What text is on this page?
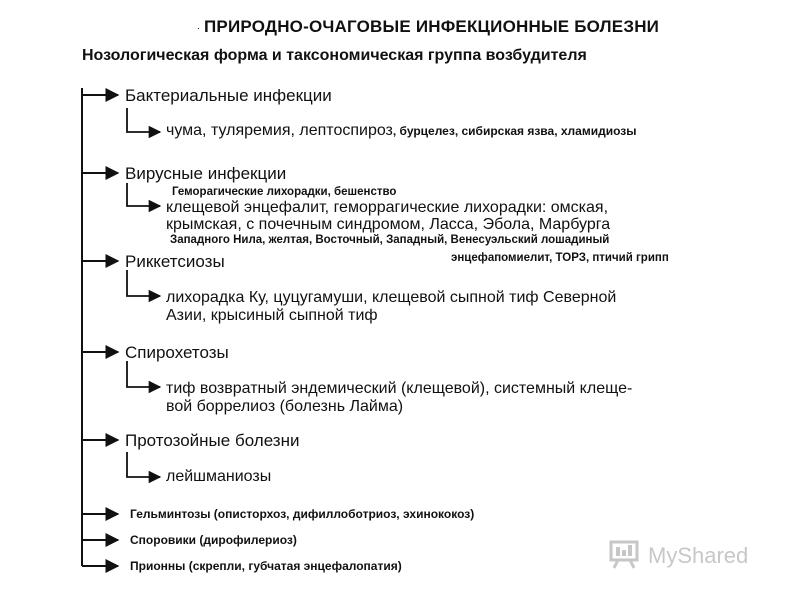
. ПРИРОДНО-ОЧАГОВЫЕ ИНФЕКЦИОННЫЕ БОЛЕЗНИ
Нозологическая форма и таксономическая группа возбудителя
Бактериальные инфекции
чума, туляремия, лептоспироз, бурцелез, сибирская язва, хламидиозы
Вирусные инфекции
Геморагические лихорадки, бешенство
клещевой энцефалит, геморрагические лихорадки: омская,
крымская, с почечным синдромом, Ласса, Эбола, Марбурга
Западного Нила, желтая, Восточный, Западный, Венесуэльский лошадиный
энцефапомиелит, ТОРЗ, птичий грипп
Риккетсиозы
лихорадка Ку, цуцугамуши, клещевой сыпной тиф Северной
Азии, крысиный сыпной тиф
Спирохетозы
тиф возвратный эндемический (клещевой), системный клеще-
вой боррелиоз (болезнь Лайма)
Протозойные болезни
лейшманиозы
Гельминтозы (описторхоз, дифиллоботриоз, эхинококоз)
Споровики (дирофилериоз)
Прионны (скрепли, губчатая энцефалопатия)	MyShared
